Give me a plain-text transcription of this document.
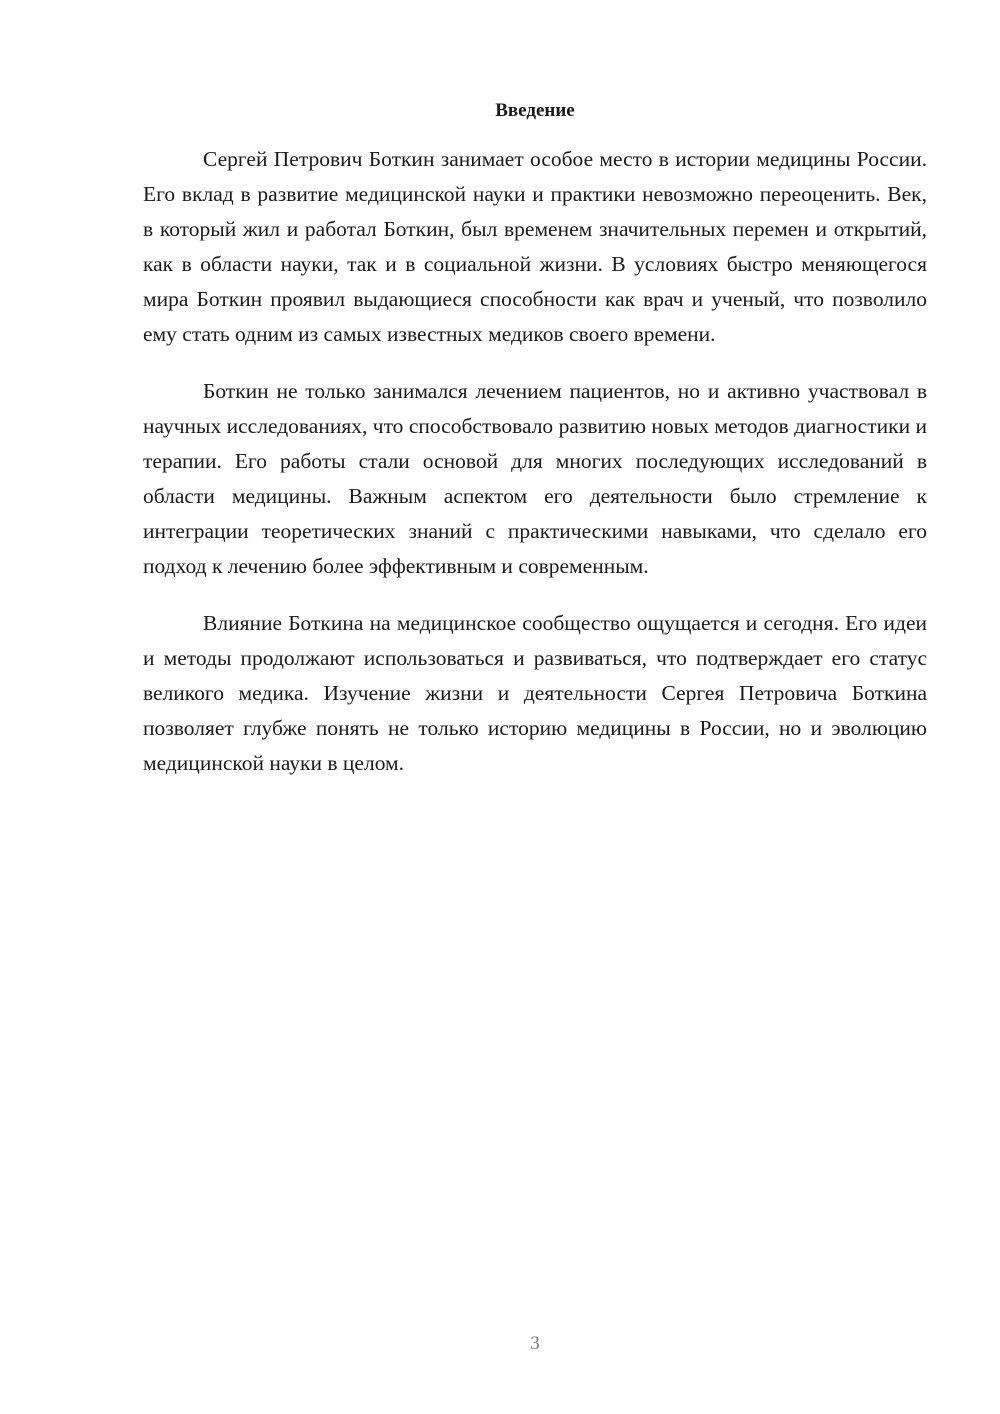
Введение

Сергей Петрович Боткин занимает особое место в истории медицины России. Его вклад в развитие медицинской науки и практики невозможно переоценить. Век, в который жил и работал Боткин, был временем значительных перемен и открытий, как в области науки, так и в социальной жизни. В условиях быстро меняющегося мира Боткин проявил выдающиеся способности как врач и ученый, что позволило ему стать одним из самых известных медиков своего времени.

Боткин не только занимался лечением пациентов, но и активно участвовал в научных исследованиях, что способствовало развитию новых методов диагностики и терапии. Его работы стали основой для многих последующих исследований в области медицины. Важным аспектом его деятельности было стремление к интеграции теоретических знаний с практическими навыками, что сделало его подход к лечению более эффективным и современным.

Влияние Боткина на медицинское сообщество ощущается и сегодня. Его идеи и методы продолжают использоваться и развиваться, что подтверждает его статус великого медика. Изучение жизни и деятельности Сергея Петровича Боткина позволяет глубже понять не только историю медицины в России, но и эволюцию медицинской науки в целом.

3
